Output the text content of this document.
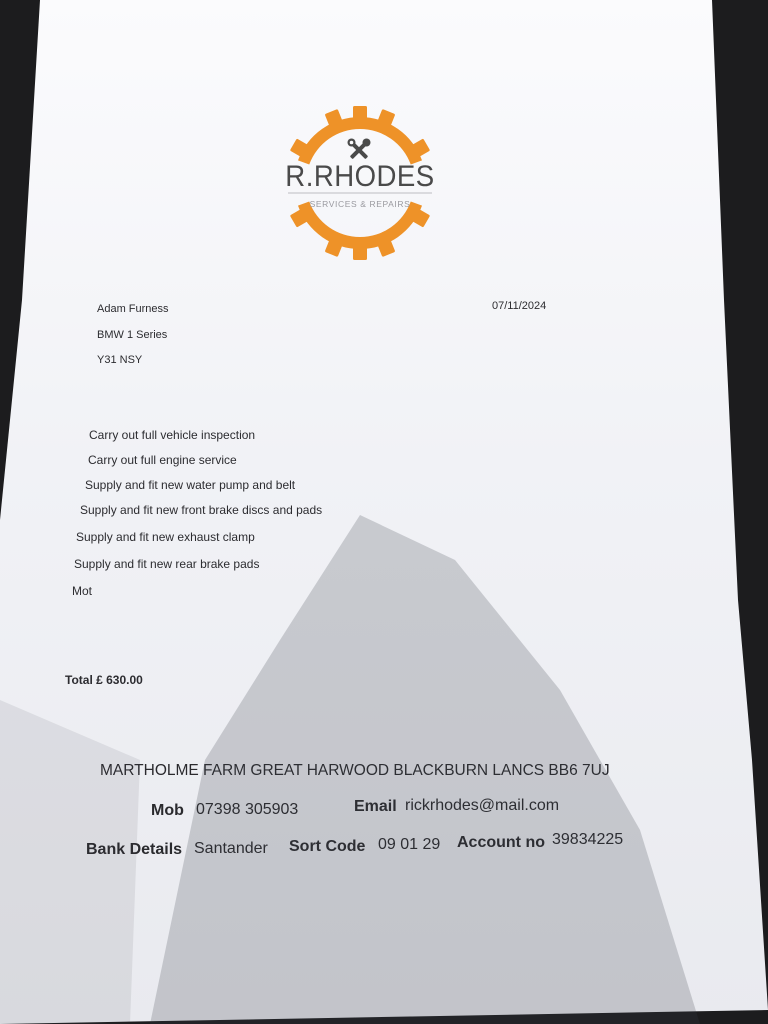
R.RHODES
SERVICES & REPAIRS
Adam Furness
BMW 1 Series
Y31 NSY
07/11/2024
Carry out full vehicle inspection
Carry out full engine service
Supply and fit new water pump and belt
Supply and fit new front brake discs and pads
Supply and fit new exhaust clamp
Supply and fit new rear brake pads
Mot
Total £ 630.00
MARTHOLME FARM GREAT HARWOOD BLACKBURN LANCS BB6 7UJ
Mob 07398 305903	Email rickrhodes@mail.com
Bank Details Santander Sort Code 09 01 29 Account no 39834225
